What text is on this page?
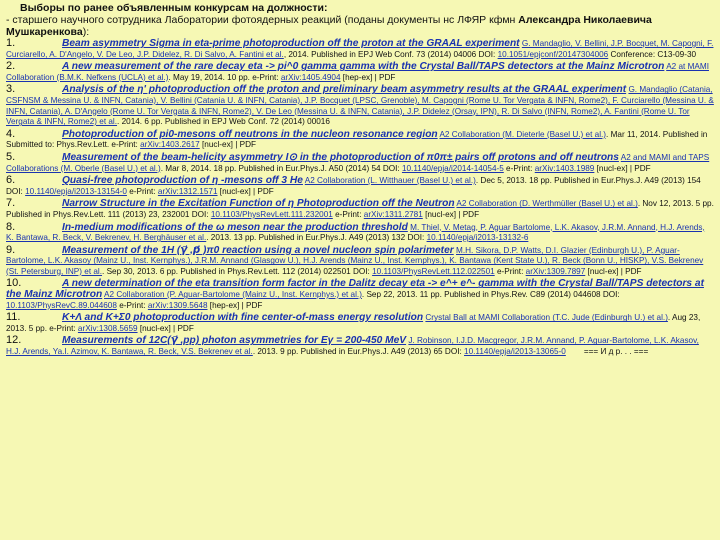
Выборы по ранее объявленным конкурсам на должности:
- старшего научного сотрудника Лаборатории фотоядерных реакций (поданы документы нс ЛФЯР кфмн Александра Николаевича Мушкаренкова):
1.	Beam asymmetry Sigma in eta-prime photoproduction off the proton at the GRAAL experiment G. Mandaglio, V. Bellini, J.P. Bocquet, M. Capogni, F. Curciarello, A. D'Angelo, V. De Leo, J.P. Didelez, R. Di Salvo, A. Fantini et al., 2014. Published in EPJ Web Conf. 73 (2014) 04006 DOI: 10.1051/epjconf/20147304006 Conference: C13-09-30
2.	A new measurement of the rare decay eta -> pi^0 gamma gamma with the Crystal Ball/TAPS detectors at the Mainz Microtron A2 at MAMI Collaboration (B.M.K. Nefkens (UCLA) et al.). May 19, 2014. 10 pp. e-Print: arXiv:1405.4904 [hep-ex] | PDF
3.	Analysis of the η' photoproduction off the proton and preliminary beam asymmetry results at the GRAAL experiment G. Mandaglio (Catania, CSFNSM & Messina U. & INFN, Catania), V. Bellini (Catania U. & INFN, Catania), J.P. Bocquet (LPSC, Grenoble), M. Capogni (Rome U. Tor Vergata & INFN, Rome2), F. Curciarello (Messina U. & INFN, Catania), A. D'Angelo (Rome U. Tor Vergata & INFN, Rome2), V. De Leo (Messina U. & INFN, Catania), J.P. Didelez (Orsay, IPN), R. Di Salvo (INFN, Rome2), A. Fantini (Rome U. Tor Vergata & INFN, Rome2) et al.. 2014. 6 pp. Published in EPJ Web Conf. 72 (2014) 00016
4.	Photoproduction of pi0-mesons off neutrons in the nucleon resonance region A2 Collaboration (M. Dieterle (Basel U.) et al.). Mar 11, 2014. Published in Submitted to: Phys.Rev.Lett. e-Print: arXiv:1403.2617 [nucl-ex] | PDF
5.	Measurement of the beam-helicity asymmetry I⊙ in the photoproduction of π0π± pairs off protons and off neutrons A2 and MAMI and TAPS Collaborations (M. Oberle (Basel U.) et al.). Mar 8, 2014. 18 pp. Published in Eur.Phys.J. A50 (2014) 54 DOI: 10.1140/epja/i2014-14054-5 e-Print: arXiv:1403.1989 [nucl-ex] | PDF
6.	Quasi-free photoproduction of η -mesons off 3 He A2 Collaboration (L. Witthauer (Basel U.) et al.). Dec 5, 2013. 18 pp. Published in Eur.Phys.J. A49 (2013) 154 DOI: 10.1140/epja/i2013-13154-0 e-Print: arXiv:1312.1571 [nucl-ex] | PDF
7.	Narrow Structure in the Excitation Function of η Photoproduction off the Neutron A2 Collaboration (D. Werthmüller (Basel U.) et al.). Nov 12, 2013. 5 pp. Published in Phys.Rev.Lett. 111 (2013) 23, 232001 DOI: 10.1103/PhysRevLett.111.232001 e-Print: arXiv:1311.2781 [nucl-ex] | PDF
8.	In-medium modifications of the ω meson near the production threshold M. Thiel, V. Metag, P. Aguar Bartolome, L.K. Akasov, J.R.M. Annand, H.J. Arends, K. Bantawa, R. Beck, V. Bekrenev, H. Berghäuser et al.. 2013. 13 pp. Published in Eur.Phys.J. A49 (2013) 132 DOI: 10.1140/epja/i2013-13132-6
9.	Measurement of the 1H (γ⃗ ,p⃗ )π0 reaction using a novel nucleon spin polarimeter M.H. Sikora, D.P. Watts, D.I. Glazier (Edinburgh U.), P. Aguar-Bartolome, L.K. Akasoy (Mainz U., Inst. Kernphys.), J.R.M. Annand (Glasgow U.), H.J. Arends (Mainz U., Inst. Kernphys.), K. Bantawa (Kent State U.), R. Beck (Bonn U., HISKP), V.S. Bekrenev (St. Petersburg, INP) et al.. Sep 30, 2013. 6 pp. Published in Phys.Rev.Lett. 112 (2014) 022501 DOI: 10.1103/PhysRevLett.112.022501 e-Print: arXiv:1309.7897 [nucl-ex] | PDF
10.	A new determination of the eta transition form factor in the Dalitz decay eta -> e^+ e^- gamma with the Crystal Ball/TAPS detectors at the Mainz Microtron A2 Collaboration (P. Aguar-Bartolome (Mainz U., Inst. Kernphys.) et al.). Sep 22, 2013. 11 pp. Published in Phys.Rev. C89 (2014) 044608 DOI: 10.1103/PhysRevC.89.044608 e-Print: arXiv:1309.5648 [hep-ex] | PDF
11.	K+Λ and K+Σ0 photoproduction with fine center-of-mass energy resolution Crystal Ball at MAMI Collaboration (T.C. Jude (Edinburgh U.) et al.). Aug 23, 2013. 5 pp. e-Print: arXiv:1308.5659 [nucl-ex] | PDF
12.	Measurements of 12C(γ⃗ ,pp) photon asymmetries for Eγ = 200-450 MeV J. Robinson, I.J.D. Macgregor, J.R.M. Annand, P. Aguar-Bartolome, L.K. Akasov, H.J. Arends, Ya.I. Azimov, K. Bantawa, R. Beck, V.S. Bekrenev et al.. 2013. 9 pp. Published in Eur.Phys.J. A49 (2013) 65 DOI: 10.1140/epja/i2013-13065-0 === И д р. . . ===
